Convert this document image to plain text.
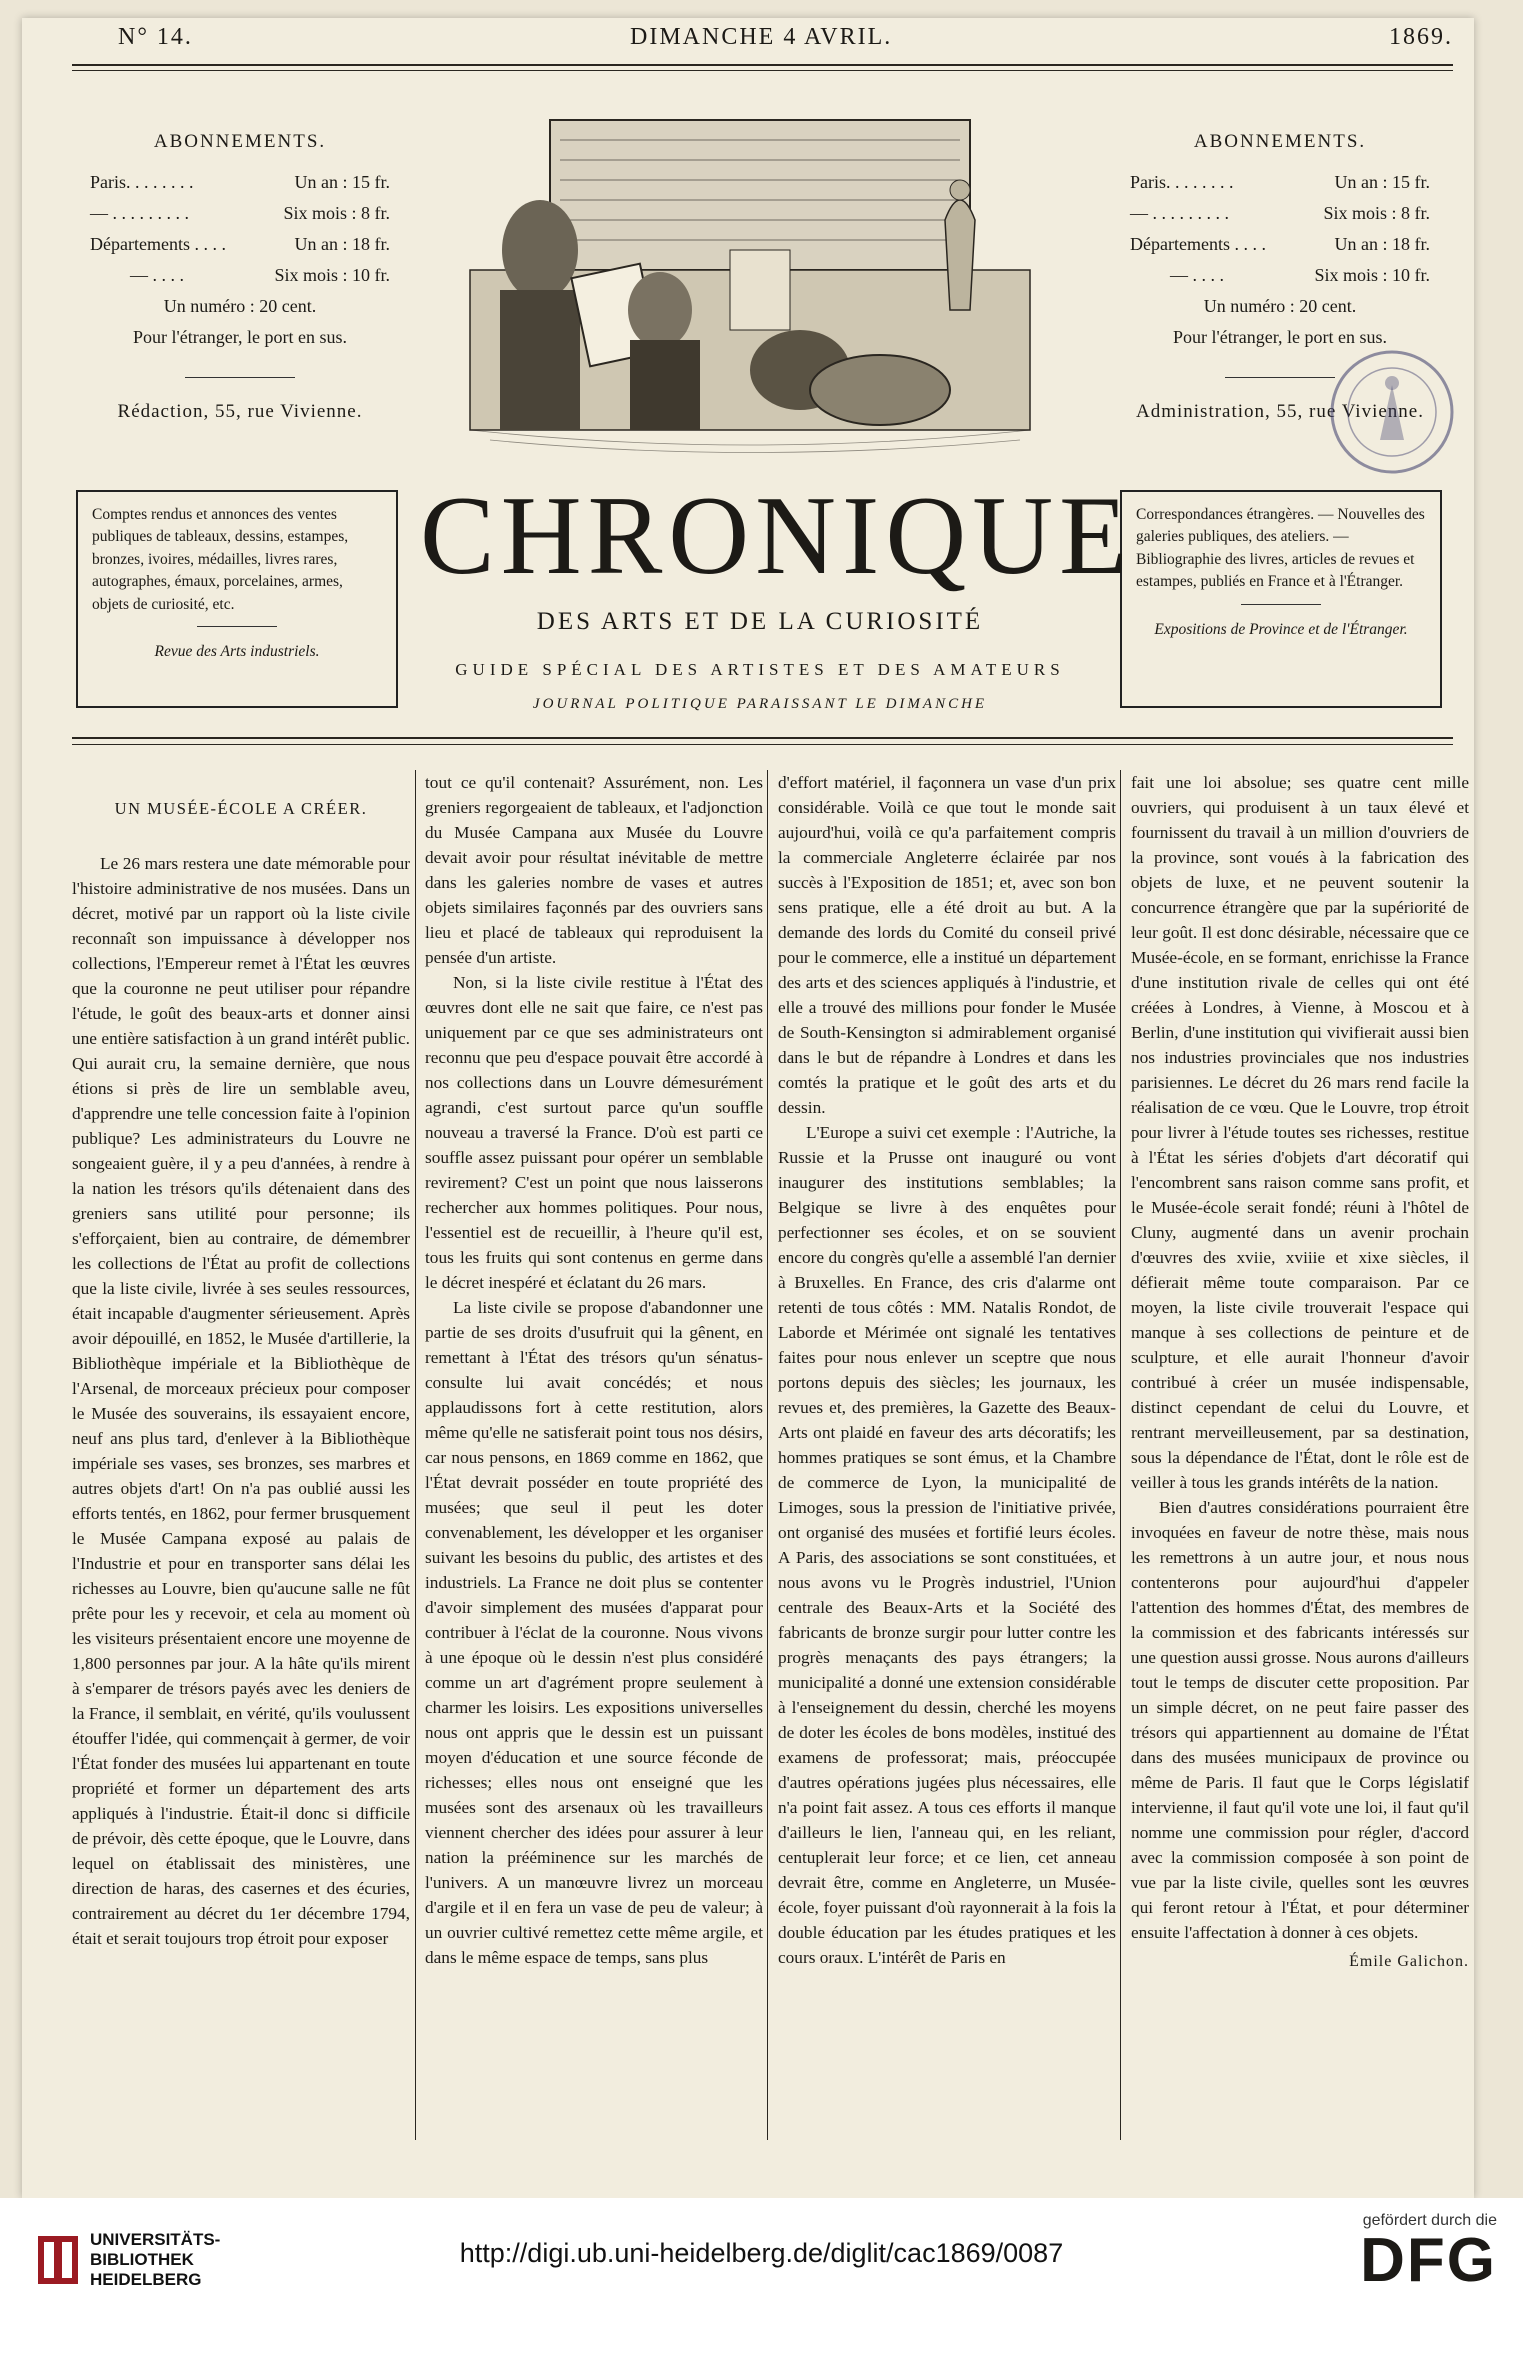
N° 14.	DIMANCHE 4 AVRIL.	1869.
ABONNEMENTS.
Paris. . . . . . . .	Un an : 15 fr.
— . . . . . . . . .	Six mois : 8 fr.
Départements . . . .	Un an : 18 fr.
— . . . .	Six mois : 10 fr.
Un numéro : 20 cent.
Pour l'étranger, le port en sus.
Rédaction, 55, rue Vivienne.
ABONNEMENTS.
Paris. . . . . . . .	Un an : 15 fr.
— . . . . . . . . .	Six mois : 8 fr.
Départements . . . .	Un an : 18 fr.
— . . . .	Six mois : 10 fr.
Un numéro : 20 cent.
Pour l'étranger, le port en sus.
Administration, 55, rue Vivienne.
Comptes rendus et annonces des ventes publiques de tableaux, dessins, estampes, bronzes, ivoires, médailles, livres rares, autographes, émaux, porcelaines, armes, objets de curiosité, etc.
Revue des Arts industriels.
Correspondances étrangères. — Nouvelles des galeries publiques, des ateliers. — Bibliographie des livres, articles de revues et estampes, publiés en France et à l'Étranger.
Expositions de Province et de l'Étranger.
CHRONIQUE
DES ARTS ET DE LA CURIOSITÉ
GUIDE SPÉCIAL DES ARTISTES ET DES AMATEURS
JOURNAL POLITIQUE PARAISSANT LE DIMANCHE
UN MUSÉE-ÉCOLE A CRÉER.

Le 26 mars restera une date mémorable pour l'histoire administrative de nos musées. Dans un décret, motivé par un rapport où la liste civile reconnaît son impuissance à développer nos collections, l'Empereur remet à l'État les œuvres que la couronne ne peut utiliser pour répandre l'étude, le goût des beaux-arts et donner ainsi une entière satisfaction à un grand intérêt public. Qui aurait cru, la semaine dernière, que nous étions si près de lire un semblable aveu, d'apprendre une telle concession faite à l'opinion publique? Les administrateurs du Louvre ne songeaient guère, il y a peu d'années, à rendre à la nation les trésors qu'ils détenaient dans des greniers sans utilité pour personne; ils s'efforçaient, bien au contraire, de démembrer les collections de l'État au profit de collections que la liste civile, livrée à ses seules ressources, était incapable d'augmenter sérieusement. Après avoir dépouillé, en 1852, le Musée d'artillerie, la Bibliothèque impériale et la Bibliothèque de l'Arsenal, de morceaux précieux pour composer le Musée des souverains, ils essayaient encore, neuf ans plus tard, d'enlever à la Bibliothèque impériale ses vases, ses bronzes, ses marbres et autres objets d'art! On n'a pas oublié aussi les efforts tentés, en 1862, pour fermer brusquement le Musée Campana exposé au palais de l'Industrie et pour en transporter sans délai les richesses au Louvre, bien qu'aucune salle ne fût prête pour les y recevoir, et cela au moment où les visiteurs présentaient encore une moyenne de 1,800 personnes par jour. A la hâte qu'ils mirent à s'emparer de trésors payés avec les deniers de la France, il semblait, en vérité, qu'ils voulussent étouffer l'idée, qui commençait à germer, de voir l'État fonder des musées lui appartenant en toute propriété et former un département des arts appliqués à l'industrie. Était-il donc si difficile de prévoir, dès cette époque, que le Louvre, dans lequel on établissait des ministères, une direction de haras, des casernes et des écuries, contrairement au décret du 1er décembre 1794, était et serait toujours trop étroit pour exposer

tout ce qu'il contenait? Assurément, non. Les greniers regorgeaient de tableaux, et l'adjonction du Musée Campana aux Musée du Louvre devait avoir pour résultat inévitable de mettre dans les galeries nombre de vases et autres objets similaires façonnés par des ouvriers sans lieu et placé de tableaux qui reproduisent la pensée d'un artiste.

Non, si la liste civile restitue à l'État des œuvres dont elle ne sait que faire, ce n'est pas uniquement par ce que ses administrateurs ont reconnu que peu d'espace pouvait être accordé à nos collections dans un Louvre démesurément agrandi, c'est surtout parce qu'un souffle nouveau a traversé la France. D'où est parti ce souffle assez puissant pour opérer un semblable revirement? C'est un point que nous laisserons rechercher aux hommes politiques. Pour nous, l'essentiel est de recueillir, à l'heure qu'il est, tous les fruits qui sont contenus en germe dans le décret inespéré et éclatant du 26 mars.

La liste civile se propose d'abandonner une partie de ses droits d'usufruit qui la gênent, en remettant à l'État des trésors qu'un sénatus-consulte lui avait concédés; et nous applaudissons fort à cette restitution, alors même qu'elle ne satisferait point tous nos désirs, car nous pensons, en 1869 comme en 1862, que l'État devrait posséder en toute propriété des musées; que seul il peut les doter convenablement, les développer et les organiser suivant les besoins du public, des artistes et des industriels. La France ne doit plus se contenter d'avoir simplement des musées d'apparat pour contribuer à l'éclat de la couronne. Nous vivons à une époque où le dessin n'est plus considéré comme un art d'agrément propre seulement à charmer les loisirs. Les expositions universelles nous ont appris que le dessin est un puissant moyen d'éducation et une source féconde de richesses; elles nous ont enseigné que les musées sont des arsenaux où les travailleurs viennent chercher des idées pour assurer à leur nation la prééminence sur les marchés de l'univers. A un manœuvre livrez un morceau d'argile et il en fera un vase de peu de valeur; à un ouvrier cultivé remettez cette même argile, et dans le même espace de temps, sans plus

d'effort matériel, il façonnera un vase d'un prix considérable. Voilà ce que tout le monde sait aujourd'hui, voilà ce qu'a parfaitement compris la commerciale Angleterre éclairée par nos succès à l'Exposition de 1851; et, avec son bon sens pratique, elle a été droit au but. A la demande des lords du Comité du conseil privé pour le commerce, elle a institué un département des arts et des sciences appliqués à l'industrie, et elle a trouvé des millions pour fonder le Musée de South-Kensington si admirablement organisé dans le but de répandre à Londres et dans les comtés la pratique et le goût des arts et du dessin.

L'Europe a suivi cet exemple : l'Autriche, la Russie et la Prusse ont inauguré ou vont inaugurer des institutions semblables; la Belgique se livre à des enquêtes pour perfectionner ses écoles, et on se souvient encore du congrès qu'elle a assemblé l'an dernier à Bruxelles. En France, des cris d'alarme ont retenti de tous côtés : MM. Natalis Rondot, de Laborde et Mérimée ont signalé les tentatives faites pour nous enlever un sceptre que nous portons depuis des siècles; les journaux, les revues et, des premières, la Gazette des Beaux-Arts ont plaidé en faveur des arts décoratifs; les hommes pratiques se sont émus, et la Chambre de commerce de Lyon, la municipalité de Limoges, sous la pression de l'initiative privée, ont organisé des musées et fortifié leurs écoles. A Paris, des associations se sont constituées, et nous avons vu le Progrès industriel, l'Union centrale des Beaux-Arts et la Société des fabricants de bronze surgir pour lutter contre les progrès menaçants des pays étrangers; la municipalité a donné une extension considérable à l'enseignement du dessin, cherché les moyens de doter les écoles de bons modèles, institué des examens de professorat; mais, préoccupée d'autres opérations jugées plus nécessaires, elle n'a point fait assez. A tous ces efforts il manque d'ailleurs le lien, l'anneau qui, en les reliant, centuplerait leur force; et ce lien, cet anneau devrait être, comme en Angleterre, un Musée-école, foyer puissant d'où rayonnerait à la fois la double éducation par les études pratiques et les cours oraux. L'intérêt de Paris en

fait une loi absolue; ses quatre cent mille ouvriers, qui produisent à un taux élevé et fournissent du travail à un million d'ouvriers de la province, sont voués à la fabrication des objets de luxe, et ne peuvent soutenir la concurrence étrangère que par la supériorité de leur goût. Il est donc désirable, nécessaire que ce Musée-école, en se formant, enrichisse la France d'une institution rivale de celles qui ont été créées à Londres, à Vienne, à Moscou et à Berlin, d'une institution qui vivifierait aussi bien nos industries provinciales que nos industries parisiennes. Le décret du 26 mars rend facile la réalisation de ce vœu. Que le Louvre, trop étroit pour livrer à l'étude toutes ses richesses, restitue à l'État les séries d'objets d'art décoratif qui l'encombrent sans raison comme sans profit, et le Musée-école serait fondé; réuni à l'hôtel de Cluny, augmenté dans un avenir prochain d'œuvres des xviie, xviiie et xixe siècles, il défierait même toute comparaison. Par ce moyen, la liste civile trouverait l'espace qui manque à ses collections de peinture et de sculpture, et elle aurait l'honneur d'avoir contribué à créer un musée indispensable, distinct cependant de celui du Louvre, et rentrant merveilleusement, par sa destination, sous la dépendance de l'État, dont le rôle est de veiller à tous les grands intérêts de la nation.

Bien d'autres considérations pourraient être invoquées en faveur de notre thèse, mais nous les remettrons à un autre jour, et nous nous contenterons pour aujourd'hui d'appeler l'attention des hommes d'État, des membres de la commission et des fabricants intéressés sur une question aussi grosse. Nous aurons d'ailleurs tout le temps de discuter cette proposition. Par un simple décret, on ne peut faire passer des trésors qui appartiennent au domaine de l'État dans des musées municipaux de province ou même de Paris. Il faut que le Corps législatif intervienne, il faut qu'il vote une loi, il faut qu'il nomme une commission pour régler, d'accord avec la commission composée à son point de vue par la liste civile, quelles sont les œuvres qui feront retour à l'État, et pour déterminer ensuite l'affectation à donner à ces objets.

Émile Galichon.
UNIVERSITÄTS-
BIBLIOTHEK
HEIDELBERG
http://digi.ub.uni-heidelberg.de/diglit/cac1869/0087
gefördert durch die
DFG
